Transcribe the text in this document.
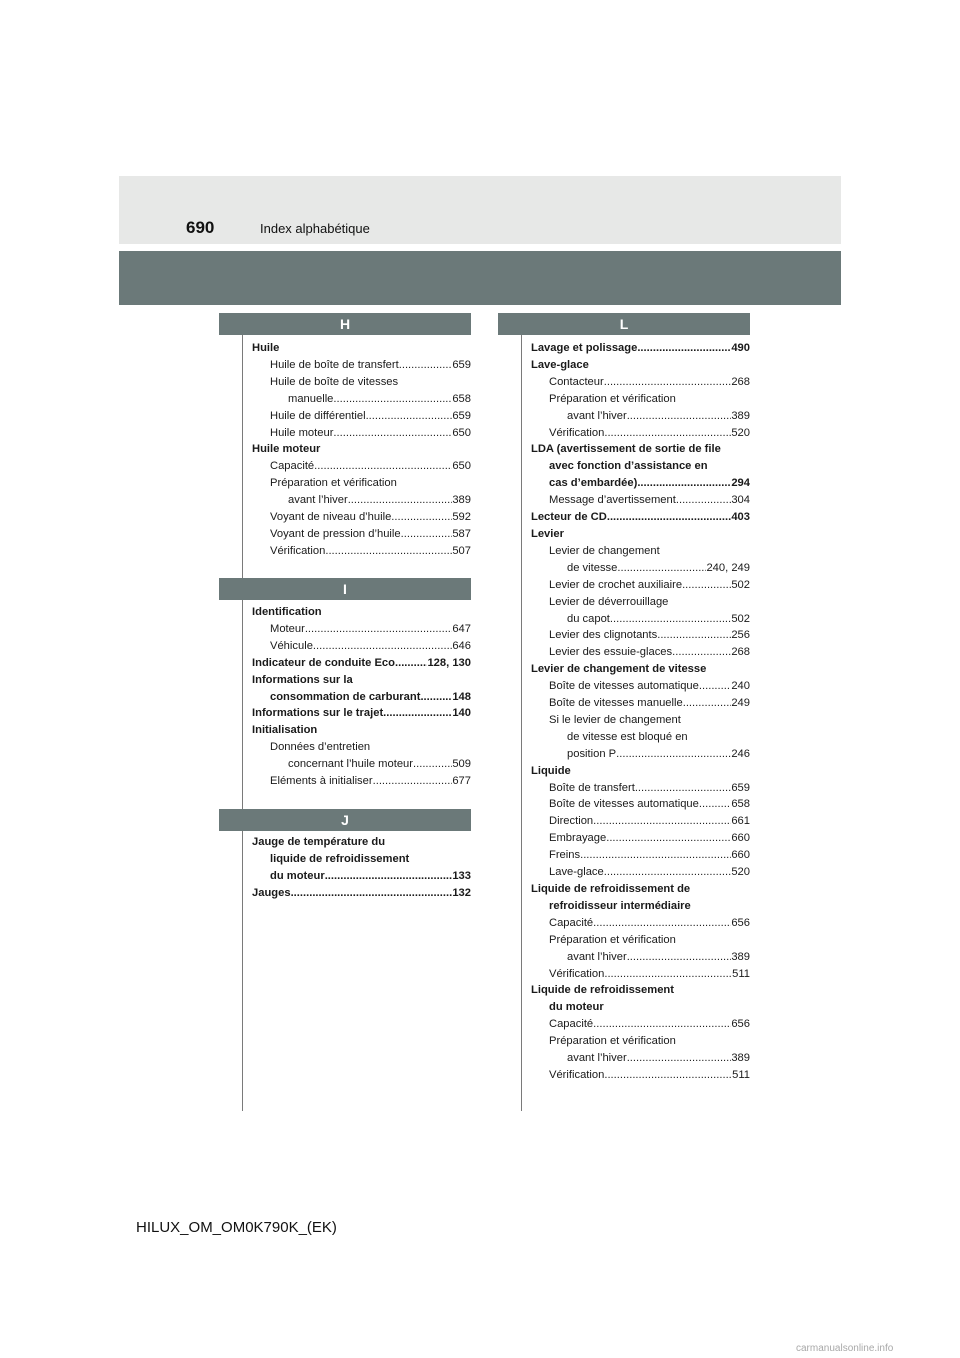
690	Index alphabétique
H
Huile
Huile de boîte de transfert .....	659
Huile de boîte de vitesses
manuelle .....	658
Huile de différentiel .....	659
Huile moteur .....	650
Huile moteur
Capacité .....	650
Préparation et vérification
avant l’hiver .....	389
Voyant de niveau d’huile .....	592
Voyant de pression d’huile .....	587
Vérification .....	507
I
Identification
Moteur .....	647
Véhicule .....	646
Indicateur de conduite Eco .....	128, 130
Informations sur la
consommation de carburant .....	148
Informations sur le trajet .....	140
Initialisation
Données d’entretien
concernant l’huile moteur .....	509
Eléments à initialiser .....	677
J
Jauge de température du
liquide de refroidissement
du moteur .....	133
Jauges .....	132
L
Lavage et polissage .....	490
Lave-glace
Contacteur .....	268
Préparation et vérification
avant l’hiver .....	389
Vérification .....	520
LDA (avertissement de sortie de file
avec fonction d’assistance en
cas d’embardée) .....	294
Message d’avertissement .....	304
Lecteur de CD .....	403
Levier
Levier de changement
de vitesse .....	240, 249
Levier de crochet auxiliaire .....	502
Levier de déverrouillage
du capot .....	502
Levier des clignotants .....	256
Levier des essuie-glaces .....	268
Levier de changement de vitesse
Boîte de vitesses automatique .....	240
Boîte de vitesses manuelle .....	249
Si le levier de changement
de vitesse est bloqué en
position P .....	246
Liquide
Boîte de transfert .....	659
Boîte de vitesses automatique .....	658
Direction .....	661
Embrayage .....	660
Freins .....	660
Lave-glace .....	520
Liquide de refroidissement de
refroidisseur intermédiaire
Capacité .....	656
Préparation et vérification
avant l’hiver .....	389
Vérification .....	511
Liquide de refroidissement
du moteur
Capacité .....	656
Préparation et vérification
avant l’hiver .....	389
Vérification .....	511
HILUX_OM_OM0K790K_(EK)
carmanualsonline.info
